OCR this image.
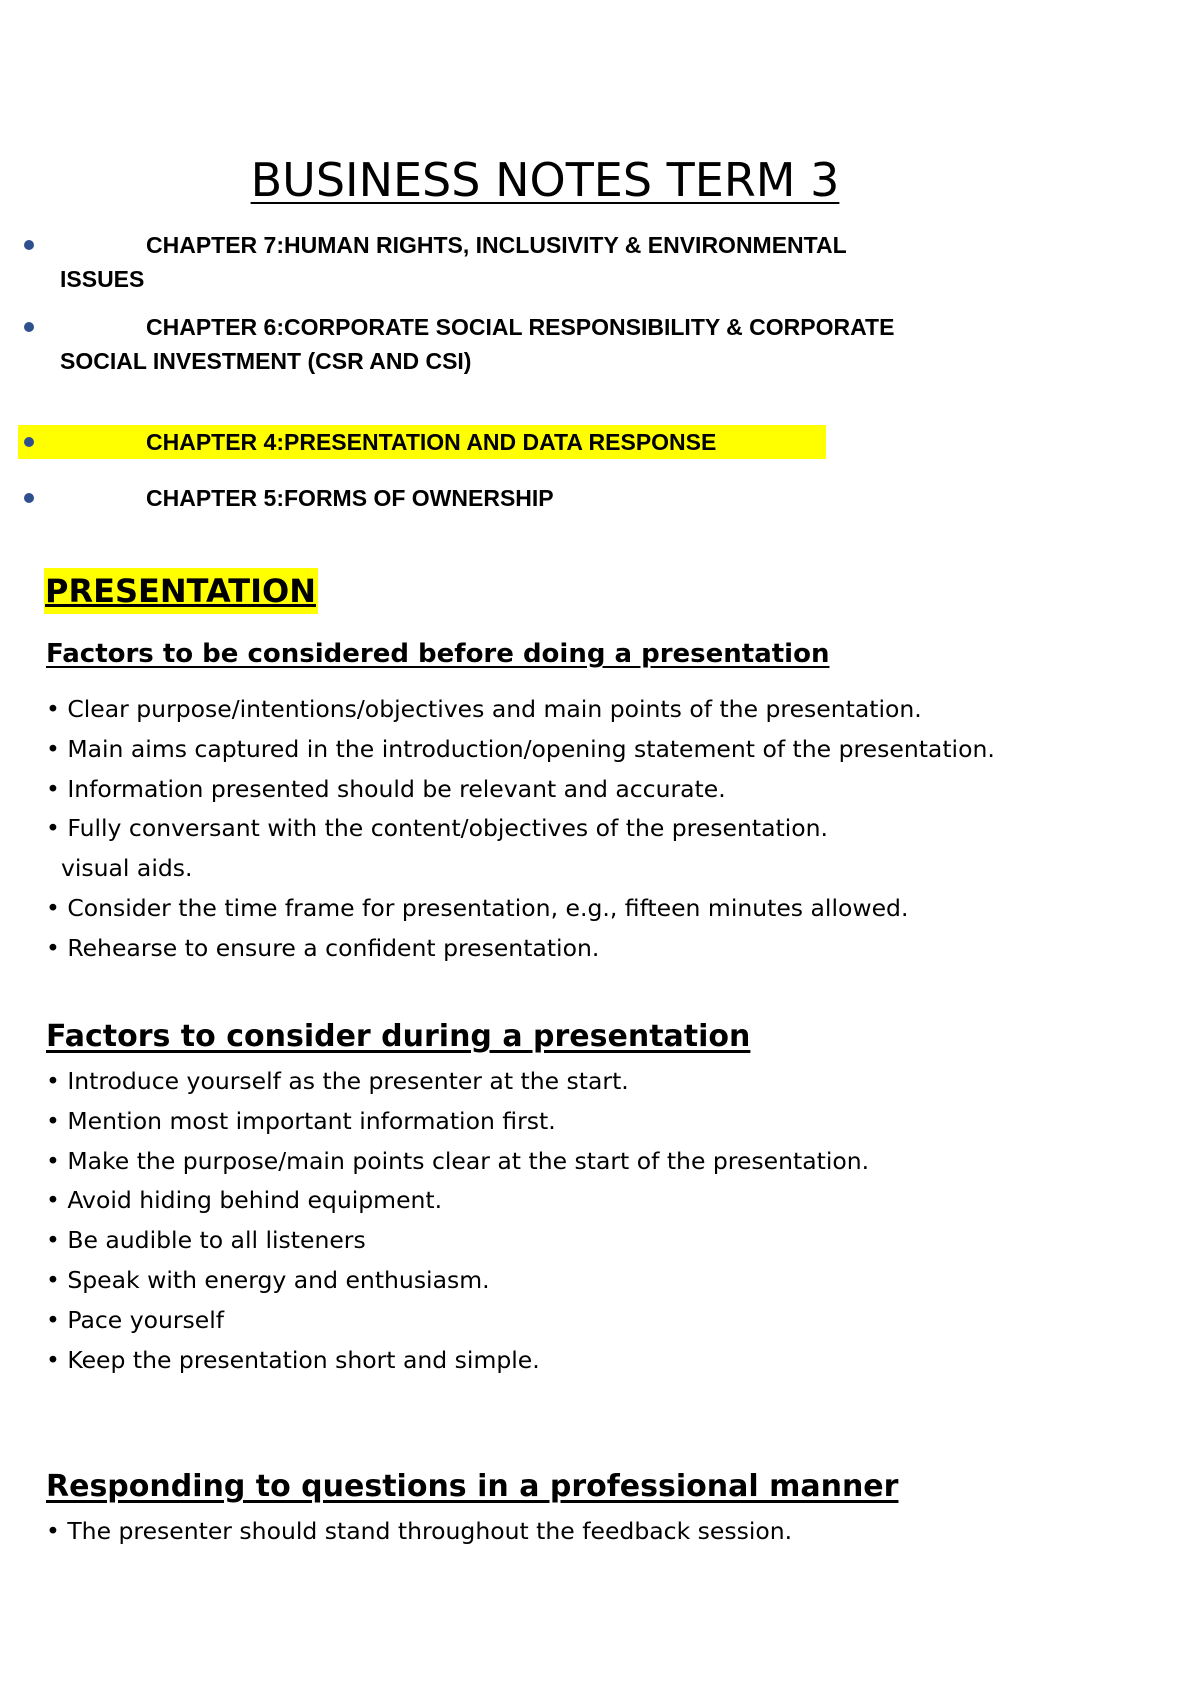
BUSINESS NOTES TERM 3
CHAPTER 7:HUMAN RIGHTS, INCLUSIVITY & ENVIRONMENTAL
ISSUES
CHAPTER 6:CORPORATE SOCIAL RESPONSIBILITY & CORPORATE
SOCIAL INVESTMENT (CSR AND CSI)
CHAPTER 4:PRESENTATION AND DATA RESPONSE
CHAPTER 5:FORMS OF OWNERSHIP
PRESENTATION
Factors to be considered before doing a presentation
• Clear purpose/intentions/objectives and main points of the presentation.
• Main aims captured in the introduction/opening statement of the presentation.
• Information presented should be relevant and accurate.
• Fully conversant with the content/objectives of the presentation.
visual aids.
• Consider the time frame for presentation, e.g., fifteen minutes allowed.
• Rehearse to ensure a confident presentation.
Factors to consider during a presentation
• Introduce yourself as the presenter at the start.
• Mention most important information first.
• Make the purpose/main points clear at the start of the presentation.
• Avoid hiding behind equipment.
• Be audible to all listeners
• Speak with energy and enthusiasm.
• Pace yourself
• Keep the presentation short and simple.
Responding to questions in a professional manner
• The presenter should stand throughout the feedback session.
